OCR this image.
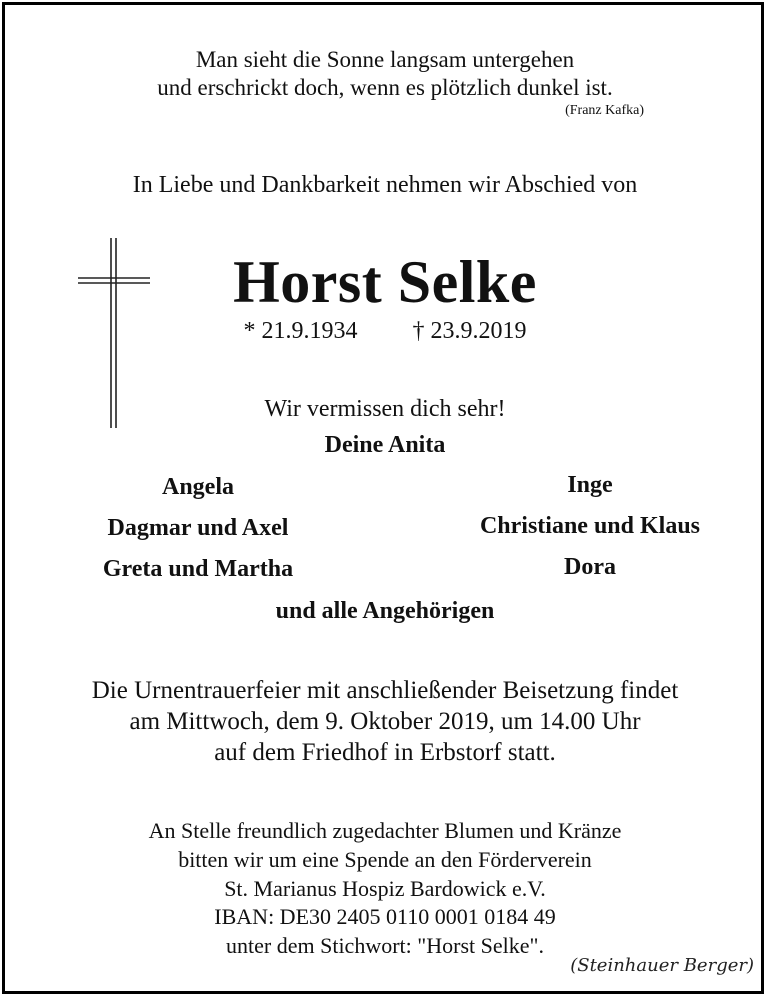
Man sieht die Sonne langsam untergehen
und erschrickt doch, wenn es plötzlich dunkel ist.
(Franz Kafka)
In Liebe und Dankbarkeit nehmen wir Abschied von
Horst Selke
* 21.9.1934 † 23.9.2019
Wir vermissen dich sehr!
Deine Anita
Angela
Dagmar und Axel
Greta und Martha
Inge
Christiane und Klaus
Dora
und alle Angehörigen
Die Urnentrauerfeier mit anschließender Beisetzung findet
am Mittwoch, dem 9. Oktober 2019, um 14.00 Uhr
auf dem Friedhof in Erbstorf statt.
An Stelle freundlich zugedachter Blumen und Kränze
bitten wir um eine Spende an den Förderverein
St. Marianus Hospiz Bardowick e.V.
IBAN: DE30 2405 0110 0001 0184 49
unter dem Stichwort: "Horst Selke".
(Steinhauer Berger)
